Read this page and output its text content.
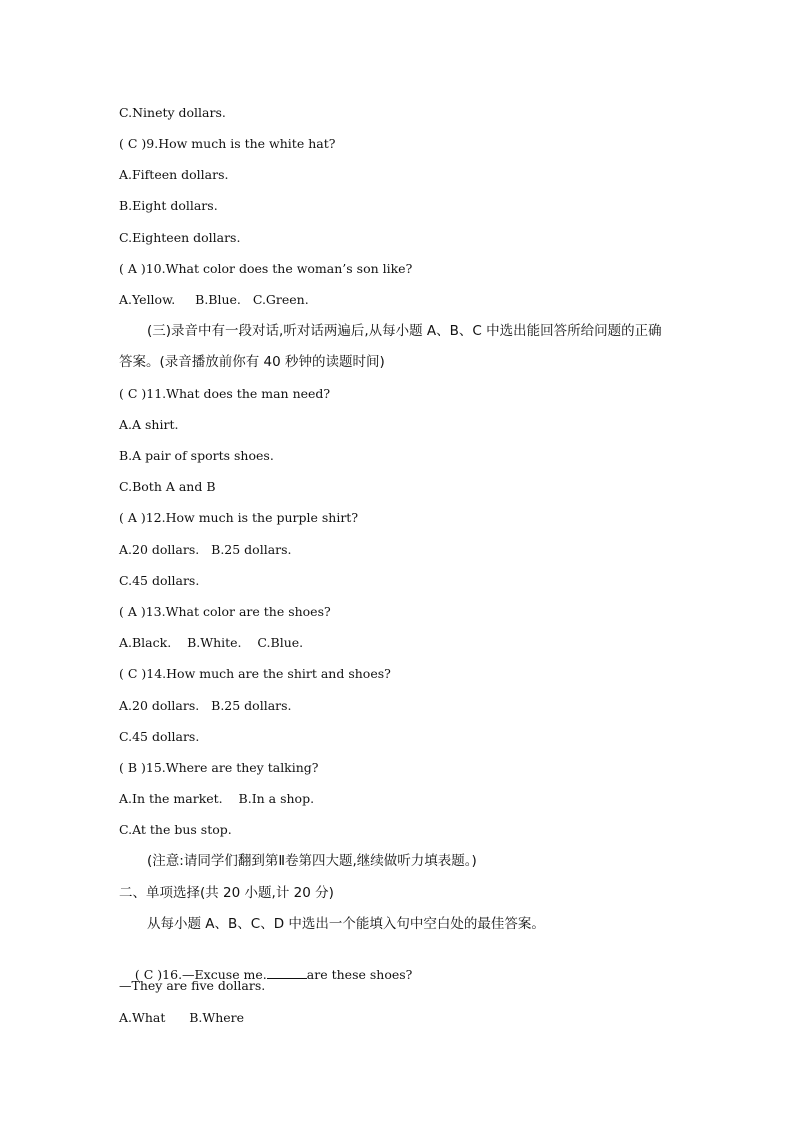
C.Ninety dollars.
( C )9.How much is the white hat?
A.Fifteen dollars.
B.Eight dollars.
C.Eighteen dollars.
( A )10.What color does the woman’s son like?
A.Yellow.     B.Blue.   C.Green.
(三)录音中有一段对话,听对话两遍后,从每小题 A、B、C 中选出能回答所给问题的正确
答案。(录音播放前你有 40 秒钟的读题时间)
( C )11.What does the man need?
A.A shirt.
B.A pair of sports shoes.
C.Both A and B
( A )12.How much is the purple shirt?
A.20 dollars.   B.25 dollars.
C.45 dollars.
( A )13.What color are the shoes?
A.Black.    B.White.    C.Blue.
( C )14.How much are the shirt and shoes?
A.20 dollars.   B.25 dollars.
C.45 dollars.
( B )15.Where are they talking?
A.In the market.    B.In a shop.
C.At the bus stop.
(注意:请同学们翻到第Ⅱ卷第四大题,继续做听力填表题。)
二、单项选择(共 20 小题,计 20 分)
从每小题 A、B、C、D 中选出一个能填入句中空白处的最佳答案。

( C )16.—Excuse me.	are these shoes?

—They are five dollars.
A.What      B.Where
